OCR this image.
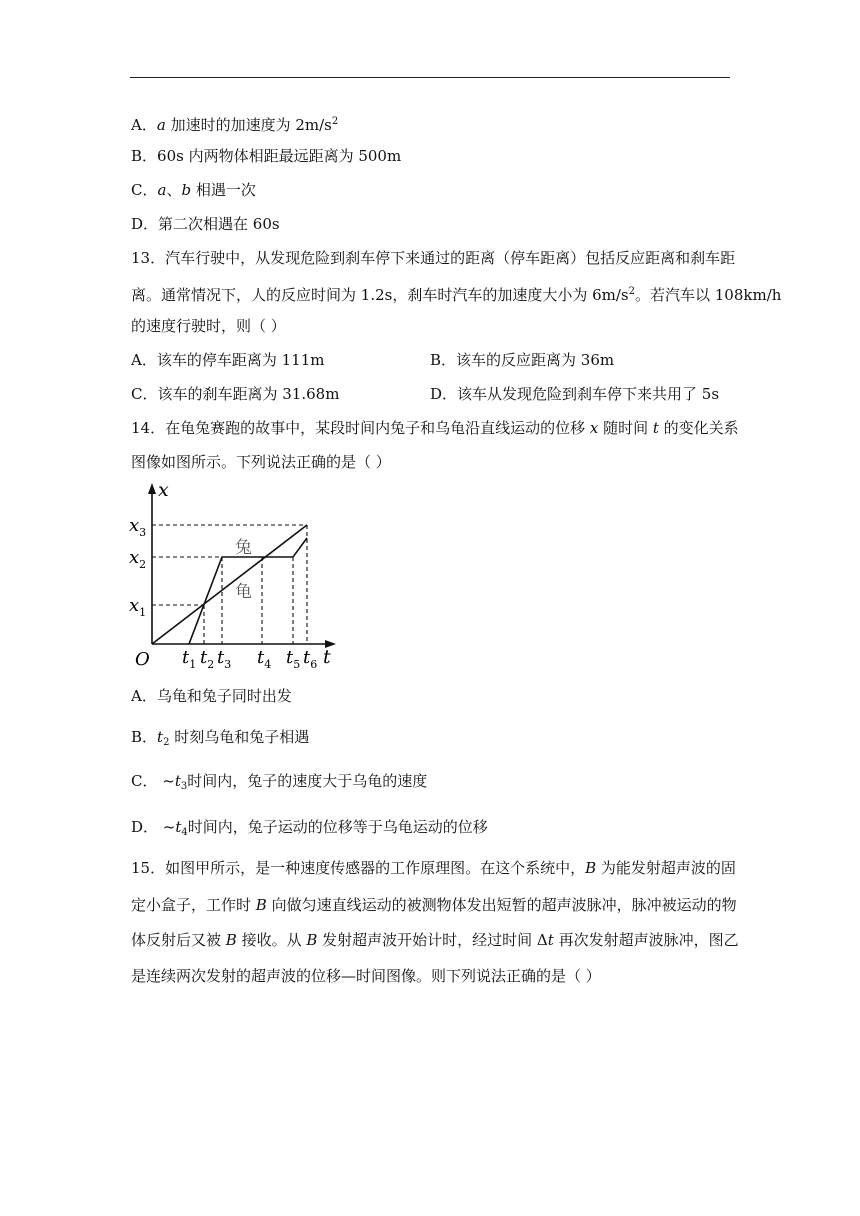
A．a 加速时的加速度为 $2m/s^2$
B．60s 内两物体相距最远距离为 500m
C．a、b 相遇一次
D．第二次相遇在 60s
13．汽车行驶中，从发现危险到刹车停下来通过的距离（停车距离）包括反应距离和刹车距
离。通常情况下，人的反应时间为 1.2s，刹车时汽车的加速度大小为 $6m/s^2$。若汽车以 108km/h
的速度行驶时，则（ ）
A．该车的停车距离为 111m	B．该车的反应距离为 36m
C．该车的刹车距离为 31.68m	D．该车从发现危险到刹车停下来共用了 5s
14．在龟兔赛跑的故事中，某段时间内兔子和乌龟沿直线运动的位移 x 随时间 t 的变化关系
图像如图所示。下列说法正确的是（ ）
x
t
O
$x_3$
$x_2$
$x_1$
$t_1$ $t_2$ $t_3$ $t_4$ $t_5$ $t_6$
兔
龟
A．乌龟和兔子同时出发
B．$t_2$ 时刻乌龟和兔子相遇
C． $\sim t_3$时间内，兔子的速度大于乌龟的速度
D． $\sim t_4$时间内，兔子运动的位移等于乌龟运动的位移
15．如图甲所示，是一种速度传感器的工作原理图。在这个系统中，B 为能发射超声波的固
定小盒子，工作时 B 向做匀速直线运动的被测物体发出短暂的超声波脉冲，脉冲被运动的物
体反射后又被 B 接收。从 B 发射超声波开始计时，经过时间 Δt 再次发射超声波脉冲，图乙
是连续两次发射的超声波的位移—时间图像。则下列说法正确的是（ ）
